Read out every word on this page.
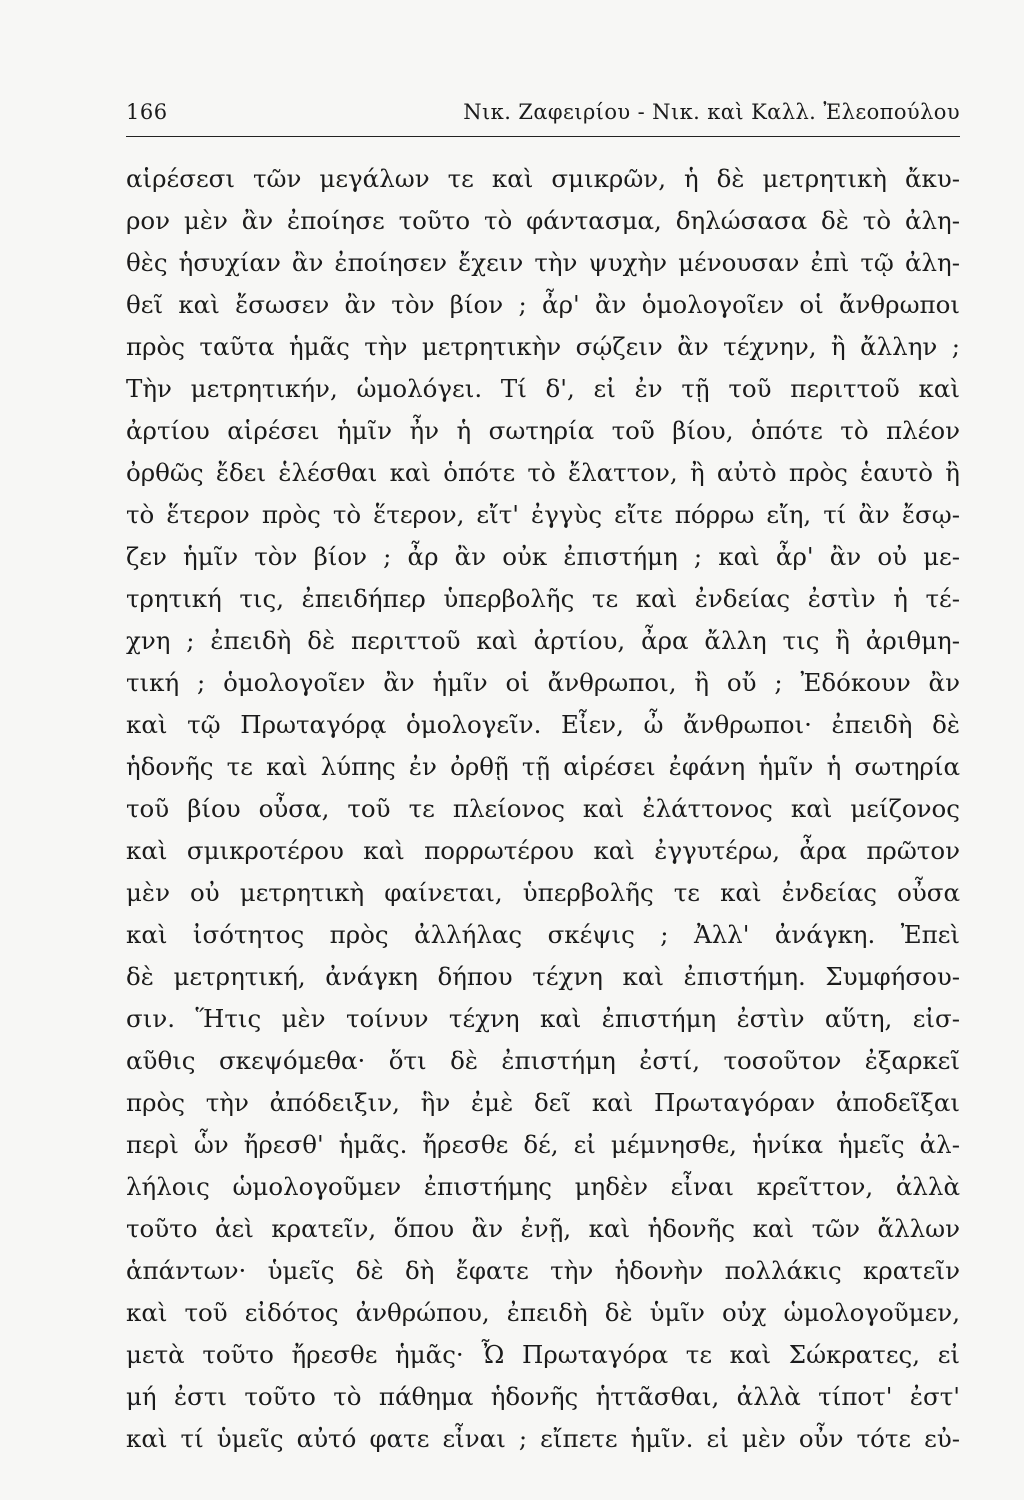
166	Νικ. Ζαφειρίου - Νικ. καὶ Καλλ. Ἐλεοπούλου
αἱρέσεσι τῶν μεγάλων τε καὶ σμικρῶν, ἡ δὲ μετρητικὴ ἄκυ-
ρον μὲν ἂν ἐποίησε τοῦτο τὸ φάντασμα, δηλώσασα δὲ τὸ ἀλη-
θὲς ἡσυχίαν ἂν ἐποίησεν ἔχειν τὴν ψυχὴν μένουσαν ἐπὶ τῷ ἀλη-
θεῖ καὶ ἔσωσεν ἂν τὸν βίον ; ἆρ' ἂν ὁμολογοῖεν οἱ ἄνθρωποι
πρὸς ταῦτα ἡμᾶς τὴν μετρητικὴν σῴζειν ἂν τέχνην, ἢ ἄλλην ;
Τὴν μετρητικήν, ὡμολόγει. Τί δ', εἰ ἐν τῇ τοῦ περιττοῦ καὶ
ἀρτίου αἱρέσει ἡμῖν ἦν ἡ σωτηρία τοῦ βίου, ὁπότε τὸ πλέον
ὀρθῶς ἔδει ἑλέσθαι καὶ ὁπότε τὸ ἔλαττον, ἢ αὐτὸ πρὸς ἑαυτὸ ἢ
τὸ ἕτερον πρὸς τὸ ἕτερον, εἴτ' ἐγγὺς εἴτε πόρρω εἴη, τί ἂν ἔσῳ-
ζεν ἡμῖν τὸν βίον ; ἆρ ἂν οὐκ ἐπιστήμη ; καὶ ἆρ' ἂν οὐ με-
τρητική τις, ἐπειδήπερ ὑπερβολῆς τε καὶ ἐνδείας ἐστὶν ἡ τέ-
χνη ; ἐπειδὴ δὲ περιττοῦ καὶ ἀρτίου, ἆρα ἄλλη τις ἢ ἀριθμη-
τική ; ὁμολογοῖεν ἂν ἡμῖν οἱ ἄνθρωποι, ἢ οὔ ; Ἐδόκουν ἂν
καὶ τῷ Πρωταγόρᾳ ὁμολογεῖν. Εἶεν, ὦ ἄνθρωποι· ἐπειδὴ δὲ
ἡδονῆς τε καὶ λύπης ἐν ὀρθῇ τῇ αἱρέσει ἐφάνη ἡμῖν ἡ σωτηρία
τοῦ βίου οὖσα, τοῦ τε πλείονος καὶ ἐλάττονος καὶ μείζονος
καὶ σμικροτέρου καὶ πορρωτέρου καὶ ἐγγυτέρω, ἆρα πρῶτον
μὲν οὐ μετρητικὴ φαίνεται, ὑπερβολῆς τε καὶ ἐνδείας οὖσα
καὶ ἰσότητος πρὸς ἀλλήλας σκέψις ; Ἀλλ' ἀνάγκη. Ἐπεὶ
δὲ μετρητική, ἀνάγκη δήπου τέχνη καὶ ἐπιστήμη. Συμφήσου-
σιν. Ἥτις μὲν τοίνυν τέχνη καὶ ἐπιστήμη ἐστὶν αὕτη, εἰσ-
αῦθις σκεψόμεθα· ὅτι δὲ ἐπιστήμη ἐστί, τοσοῦτον ἐξαρκεῖ
πρὸς τὴν ἀπόδειξιν, ἣν ἐμὲ δεῖ καὶ Πρωταγόραν ἀποδεῖξαι
περὶ ὧν ἤρεσθ' ἡμᾶς. ἤρεσθε δέ, εἰ μέμνησθε, ἡνίκα ἡμεῖς ἀλ-
λήλοις ὡμολογοῦμεν ἐπιστήμης μηδὲν εἶναι κρεῖττον, ἀλλὰ
τοῦτο ἀεὶ κρατεῖν, ὅπου ἂν ἐνῇ, καὶ ἡδονῆς καὶ τῶν ἄλλων
ἁπάντων· ὑμεῖς δὲ δὴ ἔφατε τὴν ἡδονὴν πολλάκις κρατεῖν
καὶ τοῦ εἰδότος ἀνθρώπου, ἐπειδὴ δὲ ὑμῖν οὐχ ὡμολογοῦμεν,
μετὰ τοῦτο ἤρεσθε ἡμᾶς· Ὦ Πρωταγόρα τε καὶ Σώκρατες, εἰ
μή ἐστι τοῦτο τὸ πάθημα ἡδονῆς ἡττᾶσθαι, ἀλλὰ τίποτ' ἐστ'
καὶ τί ὑμεῖς αὐτό φατε εἶναι ; εἴπετε ἡμῖν. εἰ μὲν οὖν τότε εὐ-
